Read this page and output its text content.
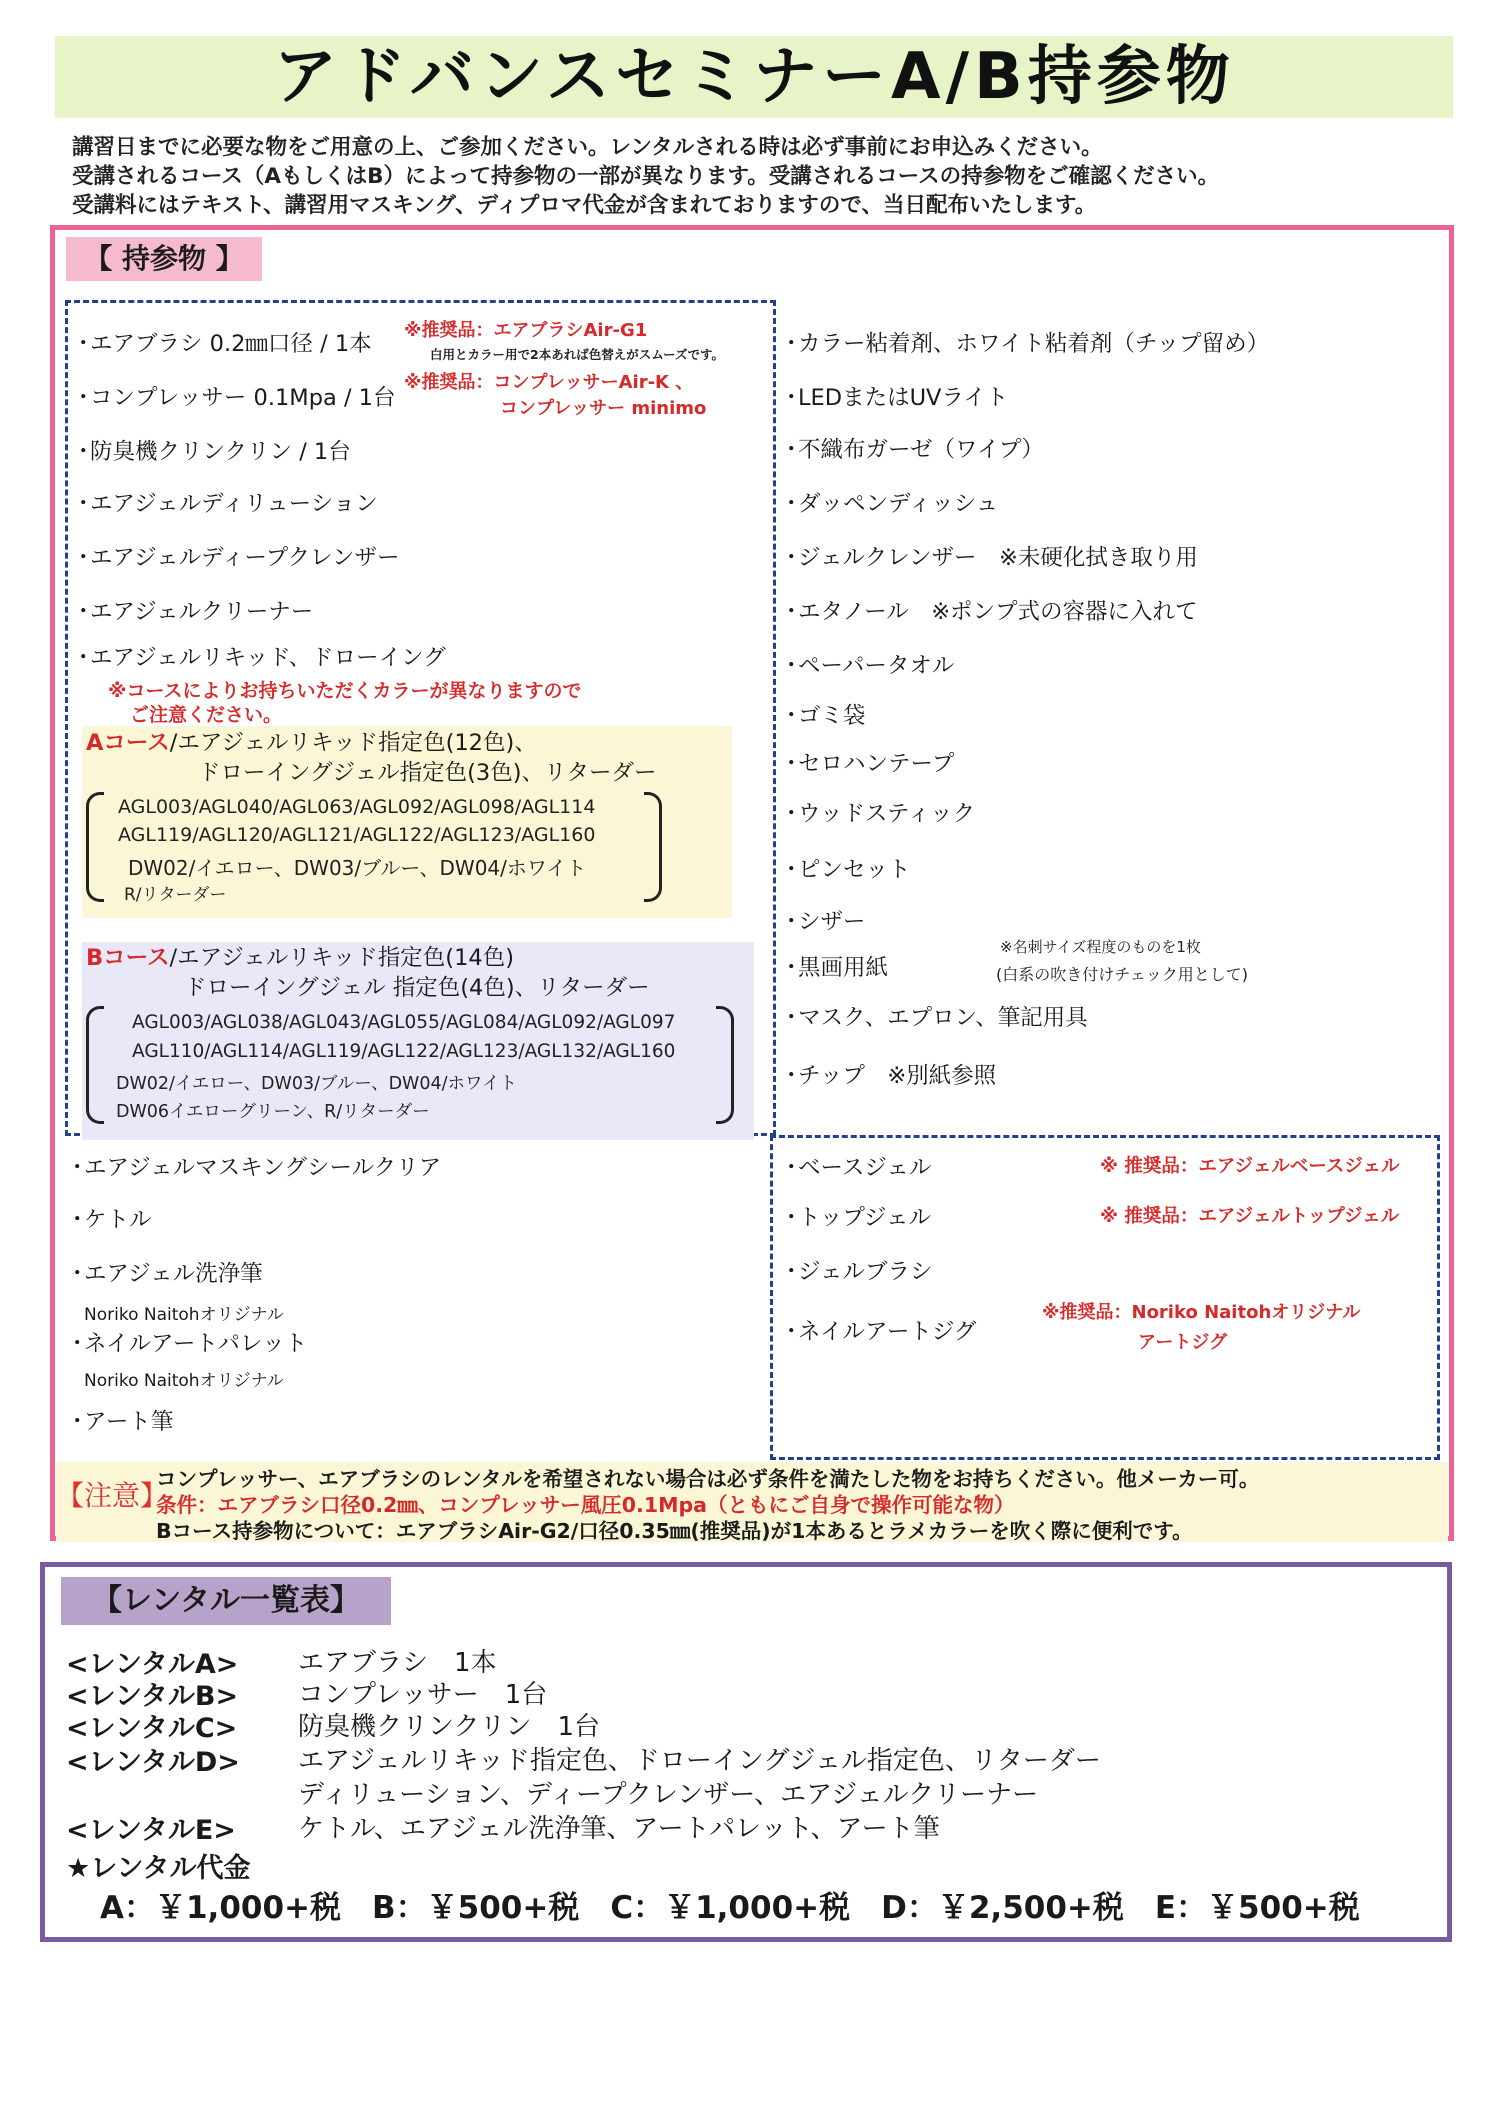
アドバンスセミナーA/B持参物
講習日までに必要な物をご用意の上、ご参加ください。レンタルされる時は必ず事前にお申込みください。
受講されるコース（AもしくはB）によって持参物の一部が異なります。受講されるコースの持参物をご確認ください。
受講料にはテキスト、講習用マスキング、ディプロマ代金が含まれておりますので、当日配布いたします。
【 持参物 】
・エアブラシ 0.2㎜口径 / 1本
※推奨品：エアブラシAir-G1
白用とカラー用で2本あれば色替えがスムーズです。
・コンプレッサー 0.1Mpa / 1台
※推奨品：コンプレッサーAir-K 、
コンプレッサー minimo
・防臭機クリンクリン / 1台
・エアジェルディリューション
・エアジェルディープクレンザー
・エアジェルクリーナー
・エアジェルリキッド、ドローイング
※コースによりお持ちいただくカラーが異なりますので
ご注意ください。
Aコース/エアジェルリキッド指定色(12色)、
ドローイングジェル指定色(3色)、リターダー
AGL003/AGL040/AGL063/AGL092/AGL098/AGL114
AGL119/AGL120/AGL121/AGL122/AGL123/AGL160
DW02/イエロー、DW03/ブルー、DW04/ホワイト
R/リターダー
Bコース/エアジェルリキッド指定色(14色)
ドローイングジェル 指定色(4色)、リターダー
AGL003/AGL038/AGL043/AGL055/AGL084/AGL092/AGL097
AGL110/AGL114/AGL119/AGL122/AGL123/AGL132/AGL160
DW02/イエロー、DW03/ブルー、DW04/ホワイト
DW06イエローグリーン、R/リターダー
・カラー粘着剤、ホワイト粘着剤（チップ留め）
・LEDまたはUVライト
・不織布ガーゼ（ワイプ）
・ダッペンディッシュ
・ジェルクレンザー　※未硬化拭き取り用
・エタノール　※ポンプ式の容器に入れて
・ペーパータオル
・ゴミ袋
・セロハンテープ
・ウッドスティック
・ピンセット
・シザー
・黒画用紙
※名刺サイズ程度のものを1枚
(白系の吹き付けチェック用として)
・マスク、エプロン、筆記用具
・チップ　※別紙参照
・エアジェルマスキングシールクリア
・ケトル
・エアジェル洗浄筆
Noriko Naitohオリジナル
・ネイルアートパレット
Noriko Naitohオリジナル
・アート筆
・ベースジェル	※ 推奨品：エアジェルベースジェル
・トップジェル	※ 推奨品：エアジェルトップジェル
・ジェルブラシ
・ネイルアートジグ
※推奨品：Noriko Naitohオリジナル
アートジグ
【注意】
コンプレッサー、エアブラシのレンタルを希望されない場合は必ず条件を満たした物をお持ちください。他メーカー可。
条件：エアブラシ口径0.2㎜、コンプレッサー風圧0.1Mpa（ともにご自身で操作可能な物）
Bコース持参物について：エアブラシAir-G2/口径0.35㎜(推奨品)が1本あるとラメカラーを吹く際に便利です。
【レンタル一覧表】
<レンタルA> エアブラシ　1本
<レンタルB> コンプレッサー　1台
<レンタルC> 防臭機クリンクリン　1台
<レンタルD> エアジェルリキッド指定色、ドローイングジェル指定色、リターダー
ディリューション、ディープクレンザー、エアジェルクリーナー
<レンタルE> ケトル、エアジェル洗浄筆、アートパレット、アート筆
★レンタル代金
A：￥1,000+税　B：￥500+税　C：￥1,000+税　D：￥2,500+税　E：￥500+税
